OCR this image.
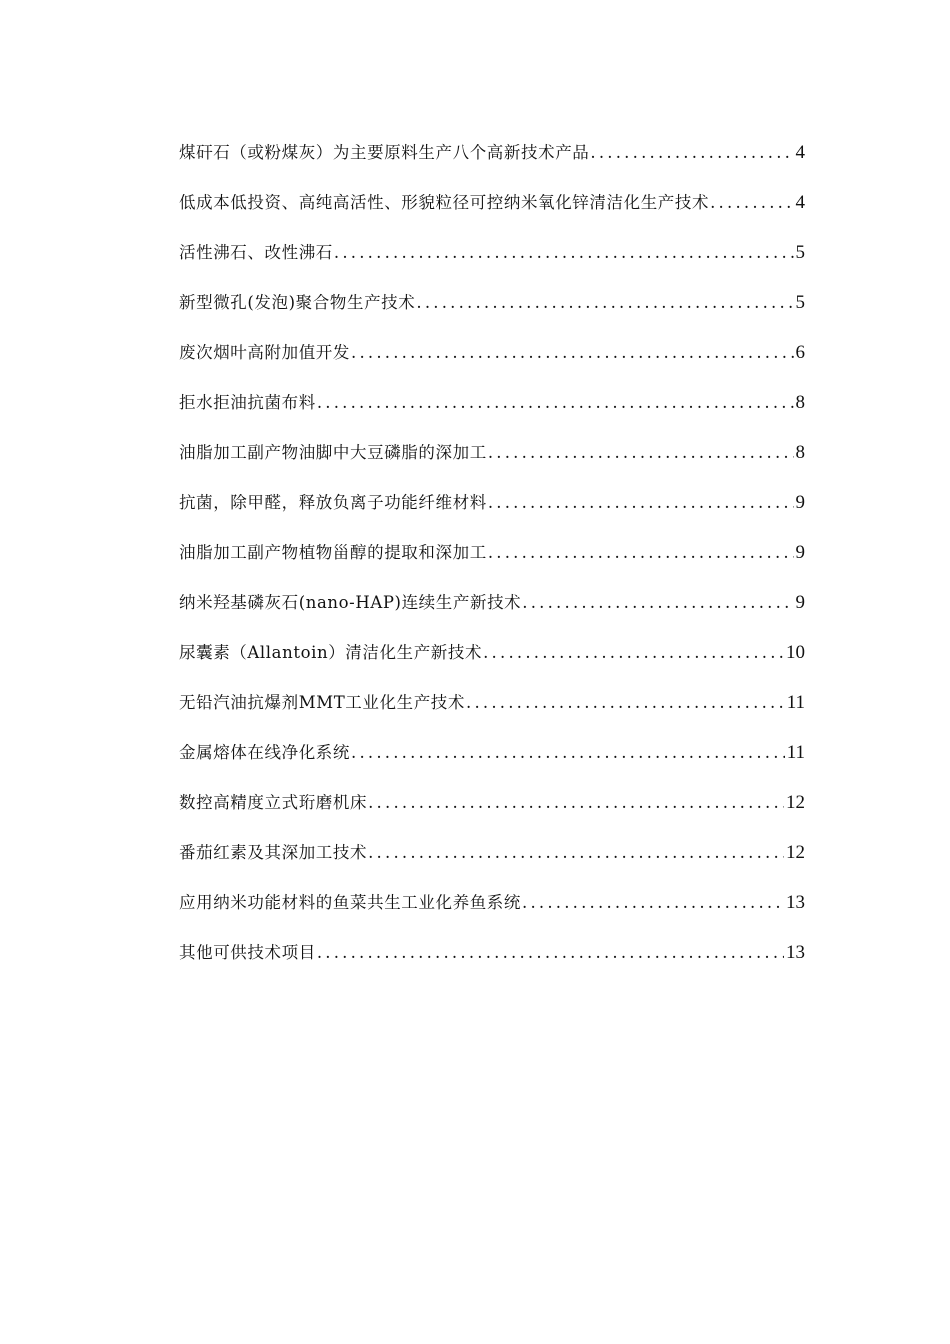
煤矸石（或粉煤灰）为主要原料生产八个高新技术产品 .....	4
低成本低投资、高纯高活性、形貌粒径可控纳米氧化锌清洁化生产技术 .....	4
活性沸石、改性沸石 .....	5
新型微孔(发泡)聚合物生产技术 .....	5
废次烟叶高附加值开发 .....	6
拒水拒油抗菌布料 .....	8
油脂加工副产物油脚中大豆磷脂的深加工 .....	8
抗菌，除甲醛，释放负离子功能纤维材料 .....	9
油脂加工副产物植物甾醇的提取和深加工 .....	9
纳米羟基磷灰石(nano-HAP)连续生产新技术 .....	9
尿囊素（Allantoin）清洁化生产新技术 .....	10
无铅汽油抗爆剂MMT工业化生产技术 .....	11
金属熔体在线净化系统 .....	11
数控高精度立式珩磨机床 .....	12
番茄红素及其深加工技术 .....	12
应用纳米功能材料的鱼菜共生工业化养鱼系统 .....	13
其他可供技术项目 .....	13
